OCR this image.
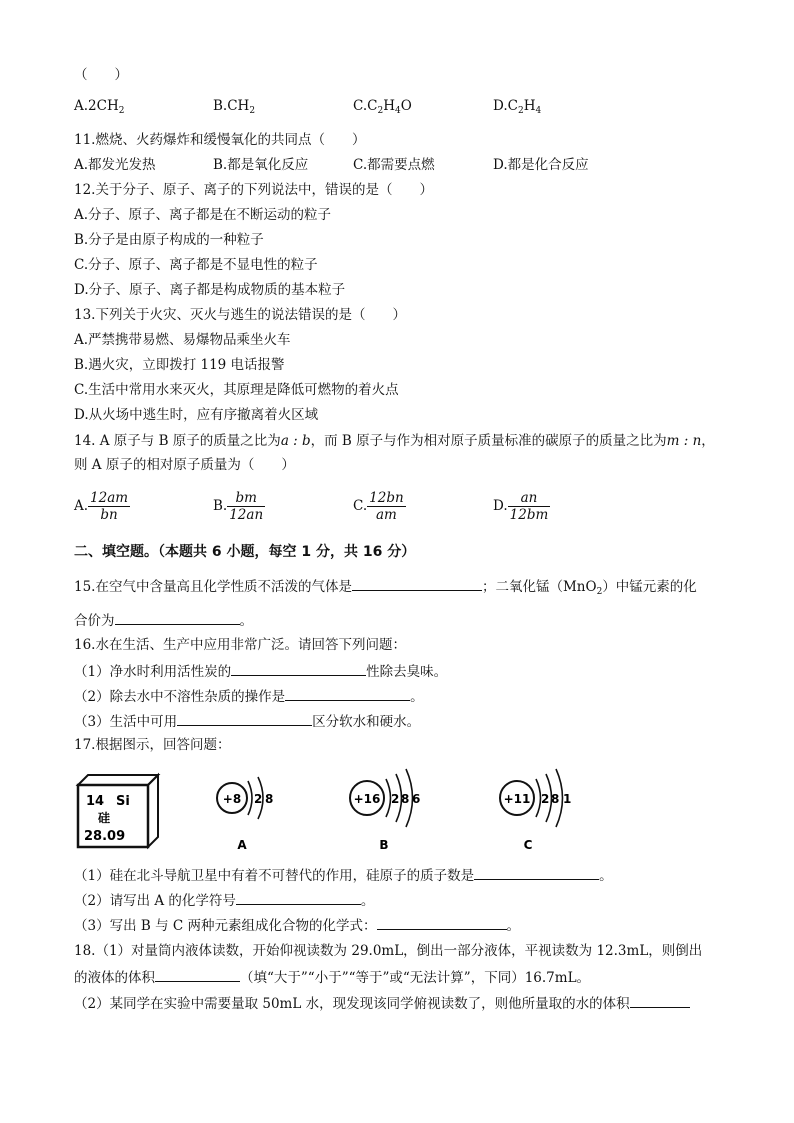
（　　）
$A.2CH_2$	$B.CH_2$	$C.C_2H_4O$	$D.C_2H_4$
11.燃烧、火药爆炸和缓慢氧化的共同点（　　）
A.都发光发热	B.都是氧化反应	C.都需要点燃	D.都是化合反应
12.关于分子、原子、离子的下列说法中，错误的是（　　）
A.分子、原子、离子都是在不断运动的粒子
B.分子是由原子构成的一种粒子
C.分子、原子、离子都是不显电性的粒子
D.分子、原子、离子都是构成物质的基本粒子
13.下列关于火灾、灭火与逃生的说法错误的是（　　）
A.严禁携带易燃、易爆物品乘坐火车
B.遇火灾，立即拨打 119 电话报警
C.生活中常用水来灭火，其原理是降低可燃物的着火点
D.从火场中逃生时，应有序撤离着火区域
14. A 原子与 B 原子的质量之比为a : b，而 B 原子与作为相对原子质量标准的碳原子的质量之比为m : n，
则 A 原子的相对原子质量为（　　）
A. $\frac{12am}{bn}$	B. $\frac{bm}{12an}$	C. $\frac{12bn}{am}$	D. $\frac{an}{12bm}$
二、填空题。（本题共 6 小题，每空 1 分，共 16 分）
15.在空气中含量高且化学性质不活泼的气体是	；二氧化锰（MnO$_2$）中锰元素的化
合价为	。
16.水在生活、生产中应用非常广泛。请回答下列问题：
（1）净水时利用活性炭的	性除去臭味。
（2）除去水中不溶性杂质的操作是	。
（3）生活中可用	区分软水和硬水。
17.根据图示，回答问题：
14 Si
硅
28.09
+8 2 8
A
+16 2 8 6
B
+11 2 8 1
C
（1）硅在北斗导航卫星中有着不可替代的作用，硅原子的质子数是	。
（2）请写出 A 的化学符号	。
（3）写出 B 与 C 两种元素组成化合物的化学式：	。
18.（1）对量筒内液体读数，开始仰视读数为 29.0mL，倒出一部分液体，平视读数为 12.3mL，则倒出
的液体的体积	（填“大于”“小于”“等于”或“无法计算”，下同）16.7mL。
（2）某同学在实验中需要量取 50mL 水，现发现该同学俯视读数了，则他所量取的水的体积
